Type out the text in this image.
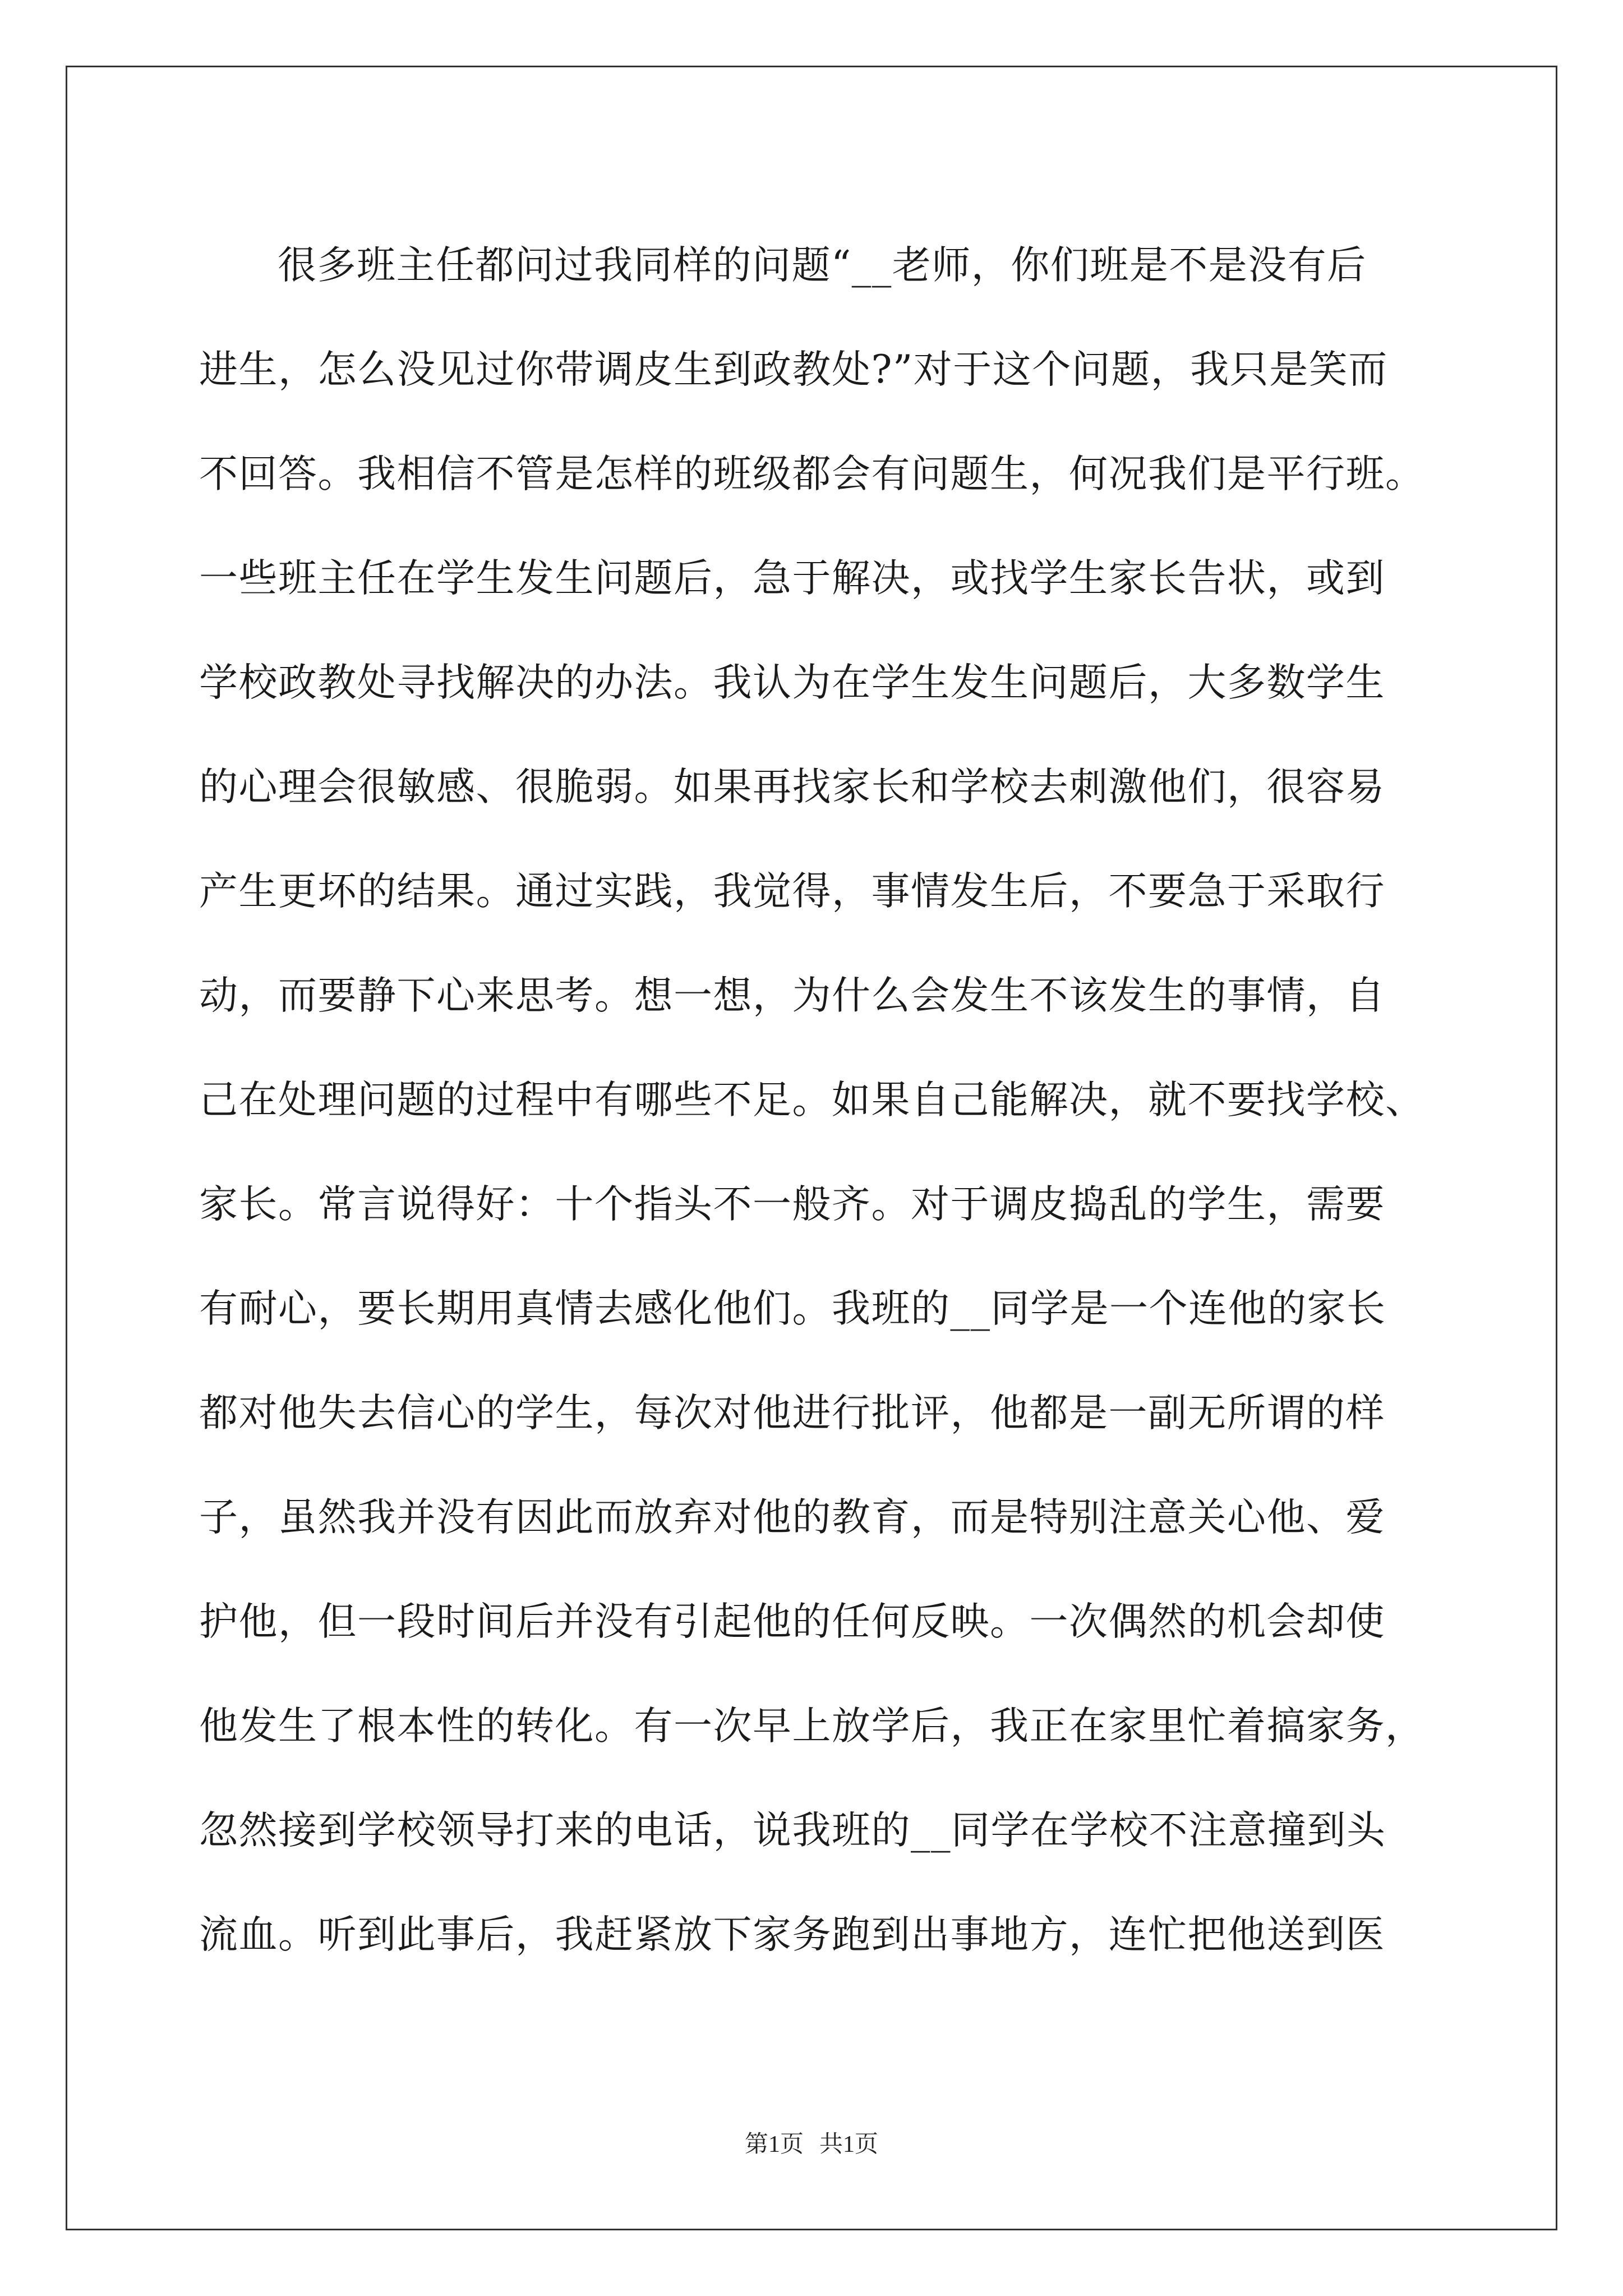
很多班主任都问过我同样的问题“__老师，你们班是不是没有后
进生，怎么没见过你带调皮生到政教处?”对于这个问题，我只是笑而
不回答。我相信不管是怎样的班级都会有问题生，何况我们是平行班。
一些班主任在学生发生问题后，急于解决，或找学生家长告状，或到
学校政教处寻找解决的办法。我认为在学生发生问题后，大多数学生
的心理会很敏感、很脆弱。如果再找家长和学校去刺激他们，很容易
产生更坏的结果。通过实践，我觉得，事情发生后，不要急于采取行
动，而要静下心来思考。想一想，为什么会发生不该发生的事情，自
己在处理问题的过程中有哪些不足。如果自己能解决，就不要找学校、
家长。常言说得好：十个指头不一般齐。对于调皮捣乱的学生，需要
有耐心，要长期用真情去感化他们。我班的__同学是一个连他的家长
都对他失去信心的学生，每次对他进行批评，他都是一副无所谓的样
子，虽然我并没有因此而放弃对他的教育，而是特别注意关心他、爱
护他，但一段时间后并没有引起他的任何反映。一次偶然的机会却使
他发生了根本性的转化。有一次早上放学后，我正在家里忙着搞家务，
忽然接到学校领导打来的电话，说我班的__同学在学校不注意撞到头
流血。听到此事后，我赶紧放下家务跑到出事地方，连忙把他送到医
第1页 共1页
